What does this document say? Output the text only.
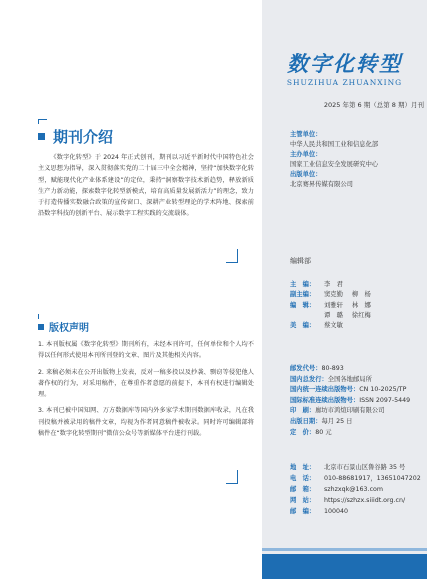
数字化转型
SHUZIHUA ZHUANXING
2025 年第 6 期（总第 8 期）月刊
主管单位：
中华人民共和国工业和信息化部
主办单位：
国家工业信息安全发展研究中心
出版单位：
北京赛昇传媒有限公司
期刊介绍
《数字化转型》于 2024 年正式创刊，期刊以习近平新时代中国特色社会主义思想为指导，深入贯彻落实党的二十届三中全会精神，坚持“加快数字化转型，赋能现代化产业体系建设”的定位，秉持“洞察数字技术新趋势，释放新质生产力新动能，探索数字化转型新模式，培育高质量发展新活力”的理念，致力于打造传播实数融合政策的宣传窗口、深耕产业转型理论的学术阵地、探索前沿数字科技的创新平台、展示数字工程实践的交流载体。
版权声明

1. 本刊版权属《数字化转型》期刊所有，未经本刊许可，任何单位和个人均不得以任何形式使用本刊所刊登的文章、图片及其他相关内容。

2. 来稿必须未在公开出版物上发表，反对一稿多投以及抄袭、剽窃等侵犯他人著作权的行为，对采用稿件，在尊重作者意愿的前提下，本刊有权进行编辑处理。

3. 本刊已被中国知网、万方数据库等国内外多家学术期刊数据库收录，凡在我刊投稿并被录用的稿件文章，均视为作者同意稿件被收录。同时许可编辑部将稿件在“数字化转型期刊”微信公众号等新媒体平台进行刊载。

编辑部
主　编：	李　君
副主编：	窦克勤 柳　杨
编　辑：	刘雅轩 林　娜
谭　璐 徐红梅
美　编：	蔡文敏
邮发代号： 80-893
国内总发行： 全国各地邮局所
国内统一连续出版物号： CN 10-2025/TP
国际标准连续出版物号： ISSN 2097-5449
印　刷： 廊坊市鸿煊印刷有限公司
出版日期： 每月 25 日
定　价： 80 元
地　址：	北京市石景山区鲁谷路 35 号
电　话：	010-88681917，13651047202
邮　箱：	szhzxqk@163.com
网　站：	https://szhzx.siiidt.org.cn/
邮　编：	100040
